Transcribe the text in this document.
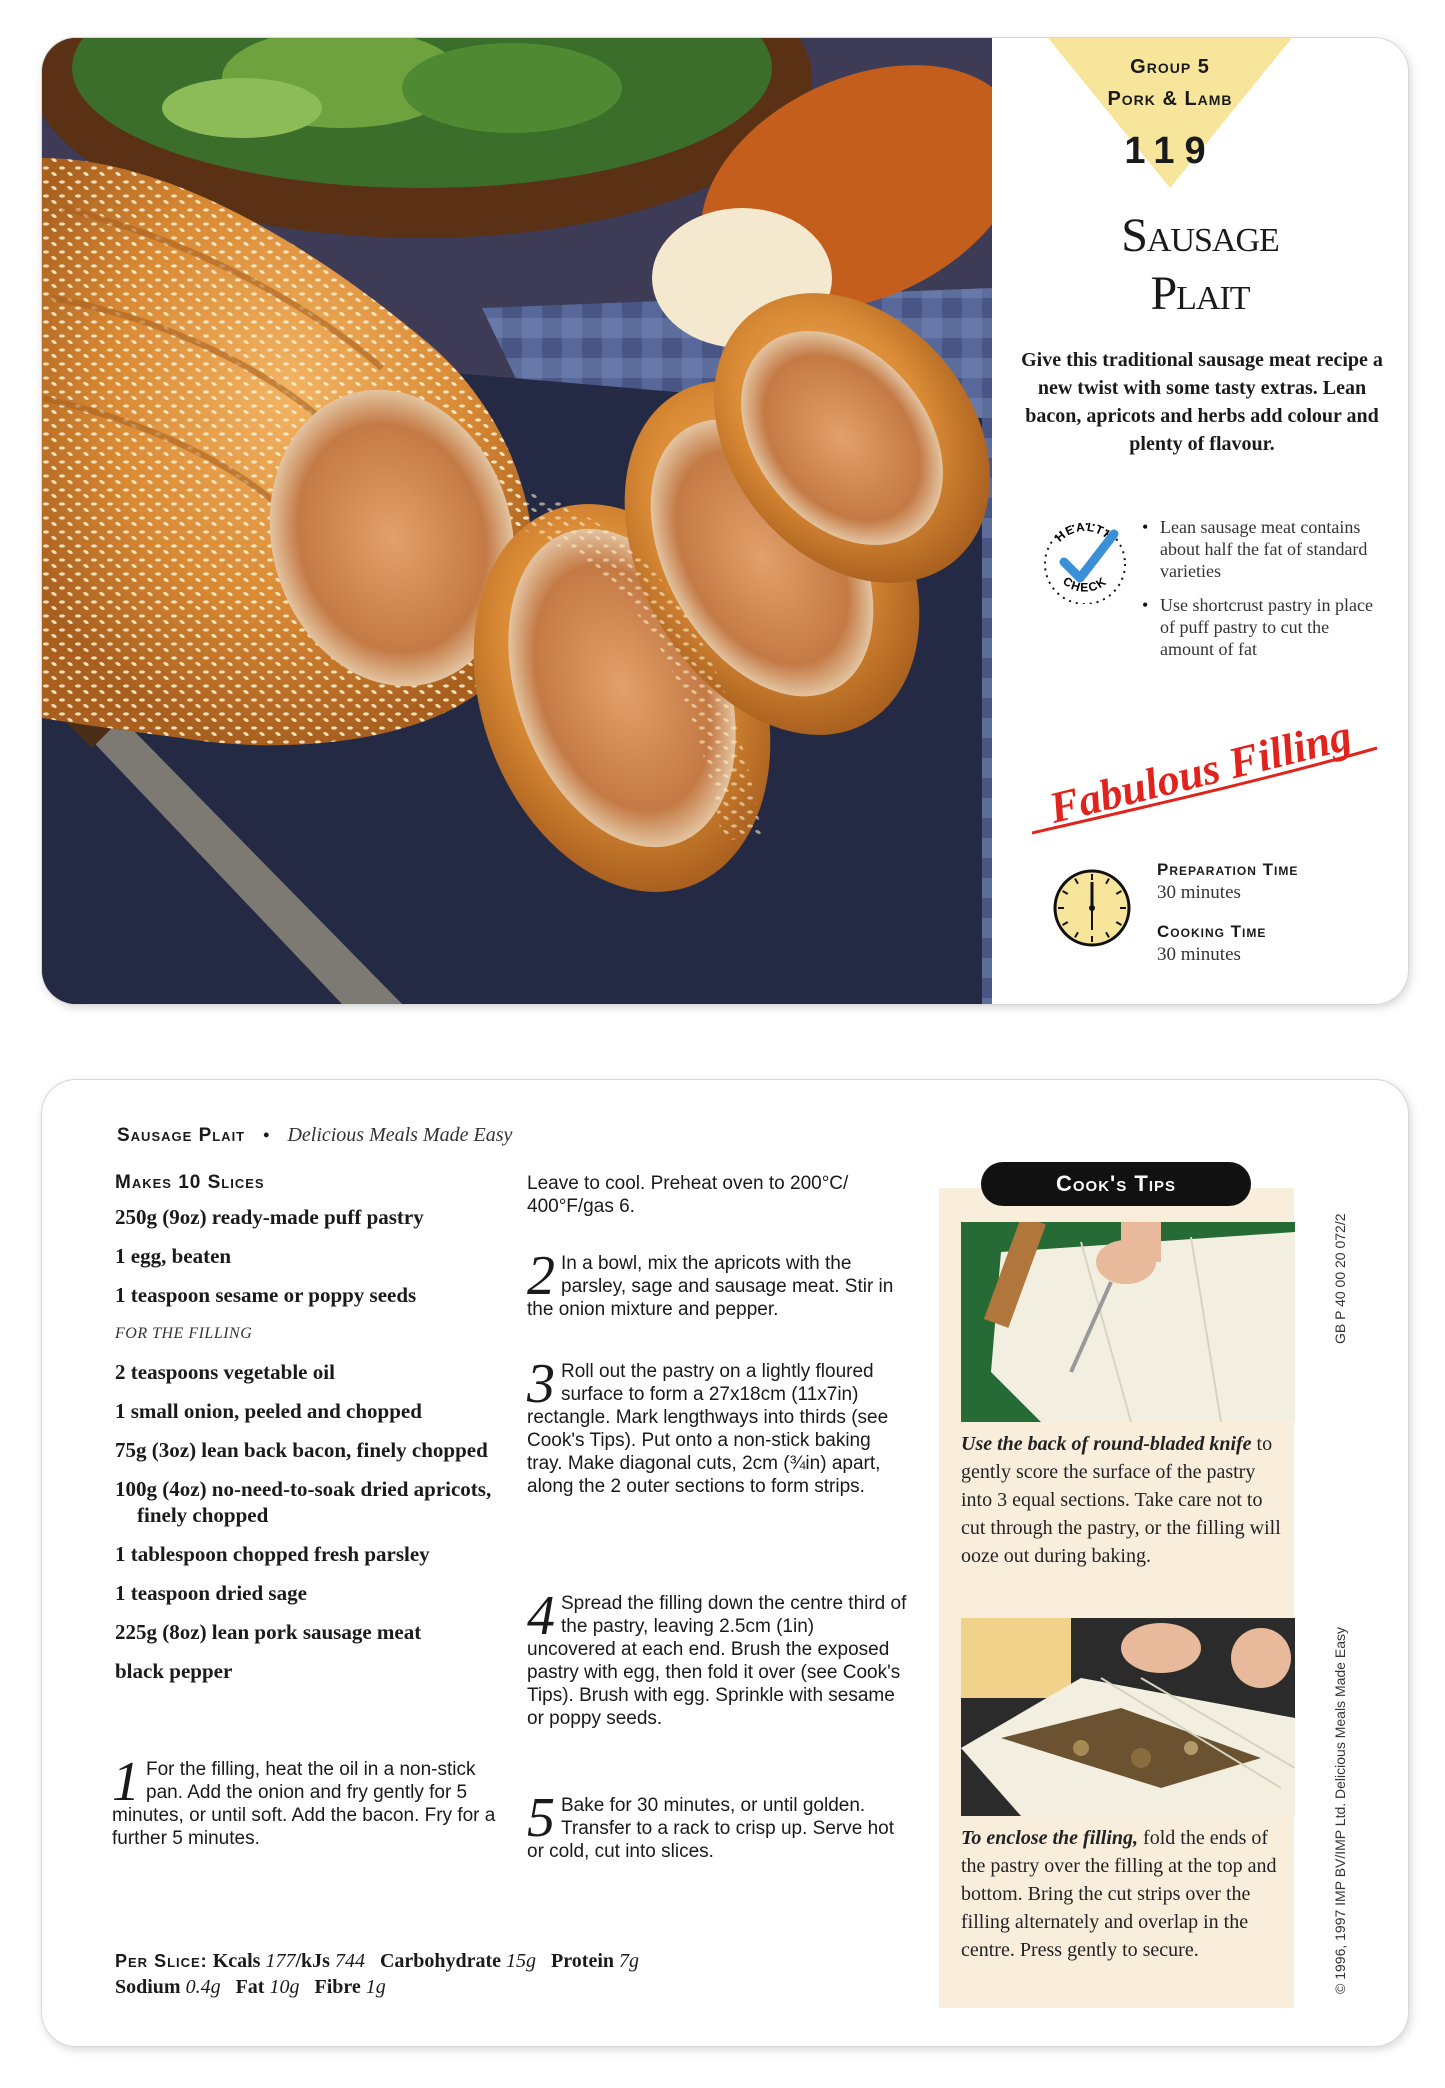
Group 5
Pork & Lamb
119
Sausage
Plait
Give this traditional sausage meat recipe a new twist with some tasty extras. Lean bacon, apricots and herbs add colour and plenty of flavour.
HEALTH
CHECK
• Lean sausage meat contains about half the fat of standard varieties
• Use shortcrust pastry in place of puff pastry to cut the amount of fat
Fabulous Filling
Preparation Time
30 minutes
Cooking Time
30 minutes
Sausage Plait • Delicious Meals Made Easy
Makes 10 Slices
250g (9oz) ready-made puff pastry
1 egg, beaten
1 teaspoon sesame or poppy seeds
FOR THE FILLING
2 teaspoons vegetable oil
1 small onion, peeled and chopped
75g (3oz) lean back bacon, finely chopped
100g (4oz) no-need-to-soak dried apricots, finely chopped
1 tablespoon chopped fresh parsley
1 teaspoon dried sage
225g (8oz) lean pork sausage meat
black pepper
1 For the filling, heat the oil in a non-stick pan. Add the onion and fry gently for 5 minutes, or until soft. Add the bacon. Fry for a further 5 minutes.
Leave to cool. Preheat oven to 200°C/ 400°F/gas 6.
2 In a bowl, mix the apricots with the parsley, sage and sausage meat. Stir in the onion mixture and pepper.
3 Roll out the pastry on a lightly floured surface to form a 27x18cm (11x7in) rectangle. Mark lengthways into thirds (see Cook's Tips). Put onto a non-stick baking tray. Make diagonal cuts, 2cm (¾in) apart, along the 2 outer sections to form strips.
4 Spread the filling down the centre third of the pastry, leaving 2.5cm (1in) uncovered at each end. Brush the exposed pastry with egg, then fold it over (see Cook's Tips). Brush with egg. Sprinkle with sesame or poppy seeds.
5 Bake for 30 minutes, or until golden. Transfer to a rack to crisp up. Serve hot or cold, cut into slices.
Per Slice: Kcals 177/kJs 744 Carbohydrate 15g Protein 7g
Sodium 0.4g Fat 10g Fibre 1g
Cook's Tips
Use the back of round-bladed knife to gently score the surface of the pastry into 3 equal sections. Take care not to cut through the pastry, or the filling will ooze out during baking.
To enclose the filling, fold the ends of the pastry over the filling at the top and bottom. Bring the cut strips over the filling alternately and overlap in the centre. Press gently to secure.
GB P 40 00 20 072/2
© 1996, 1997 IMP BV/IMP Ltd. Delicious Meals Made Easy
